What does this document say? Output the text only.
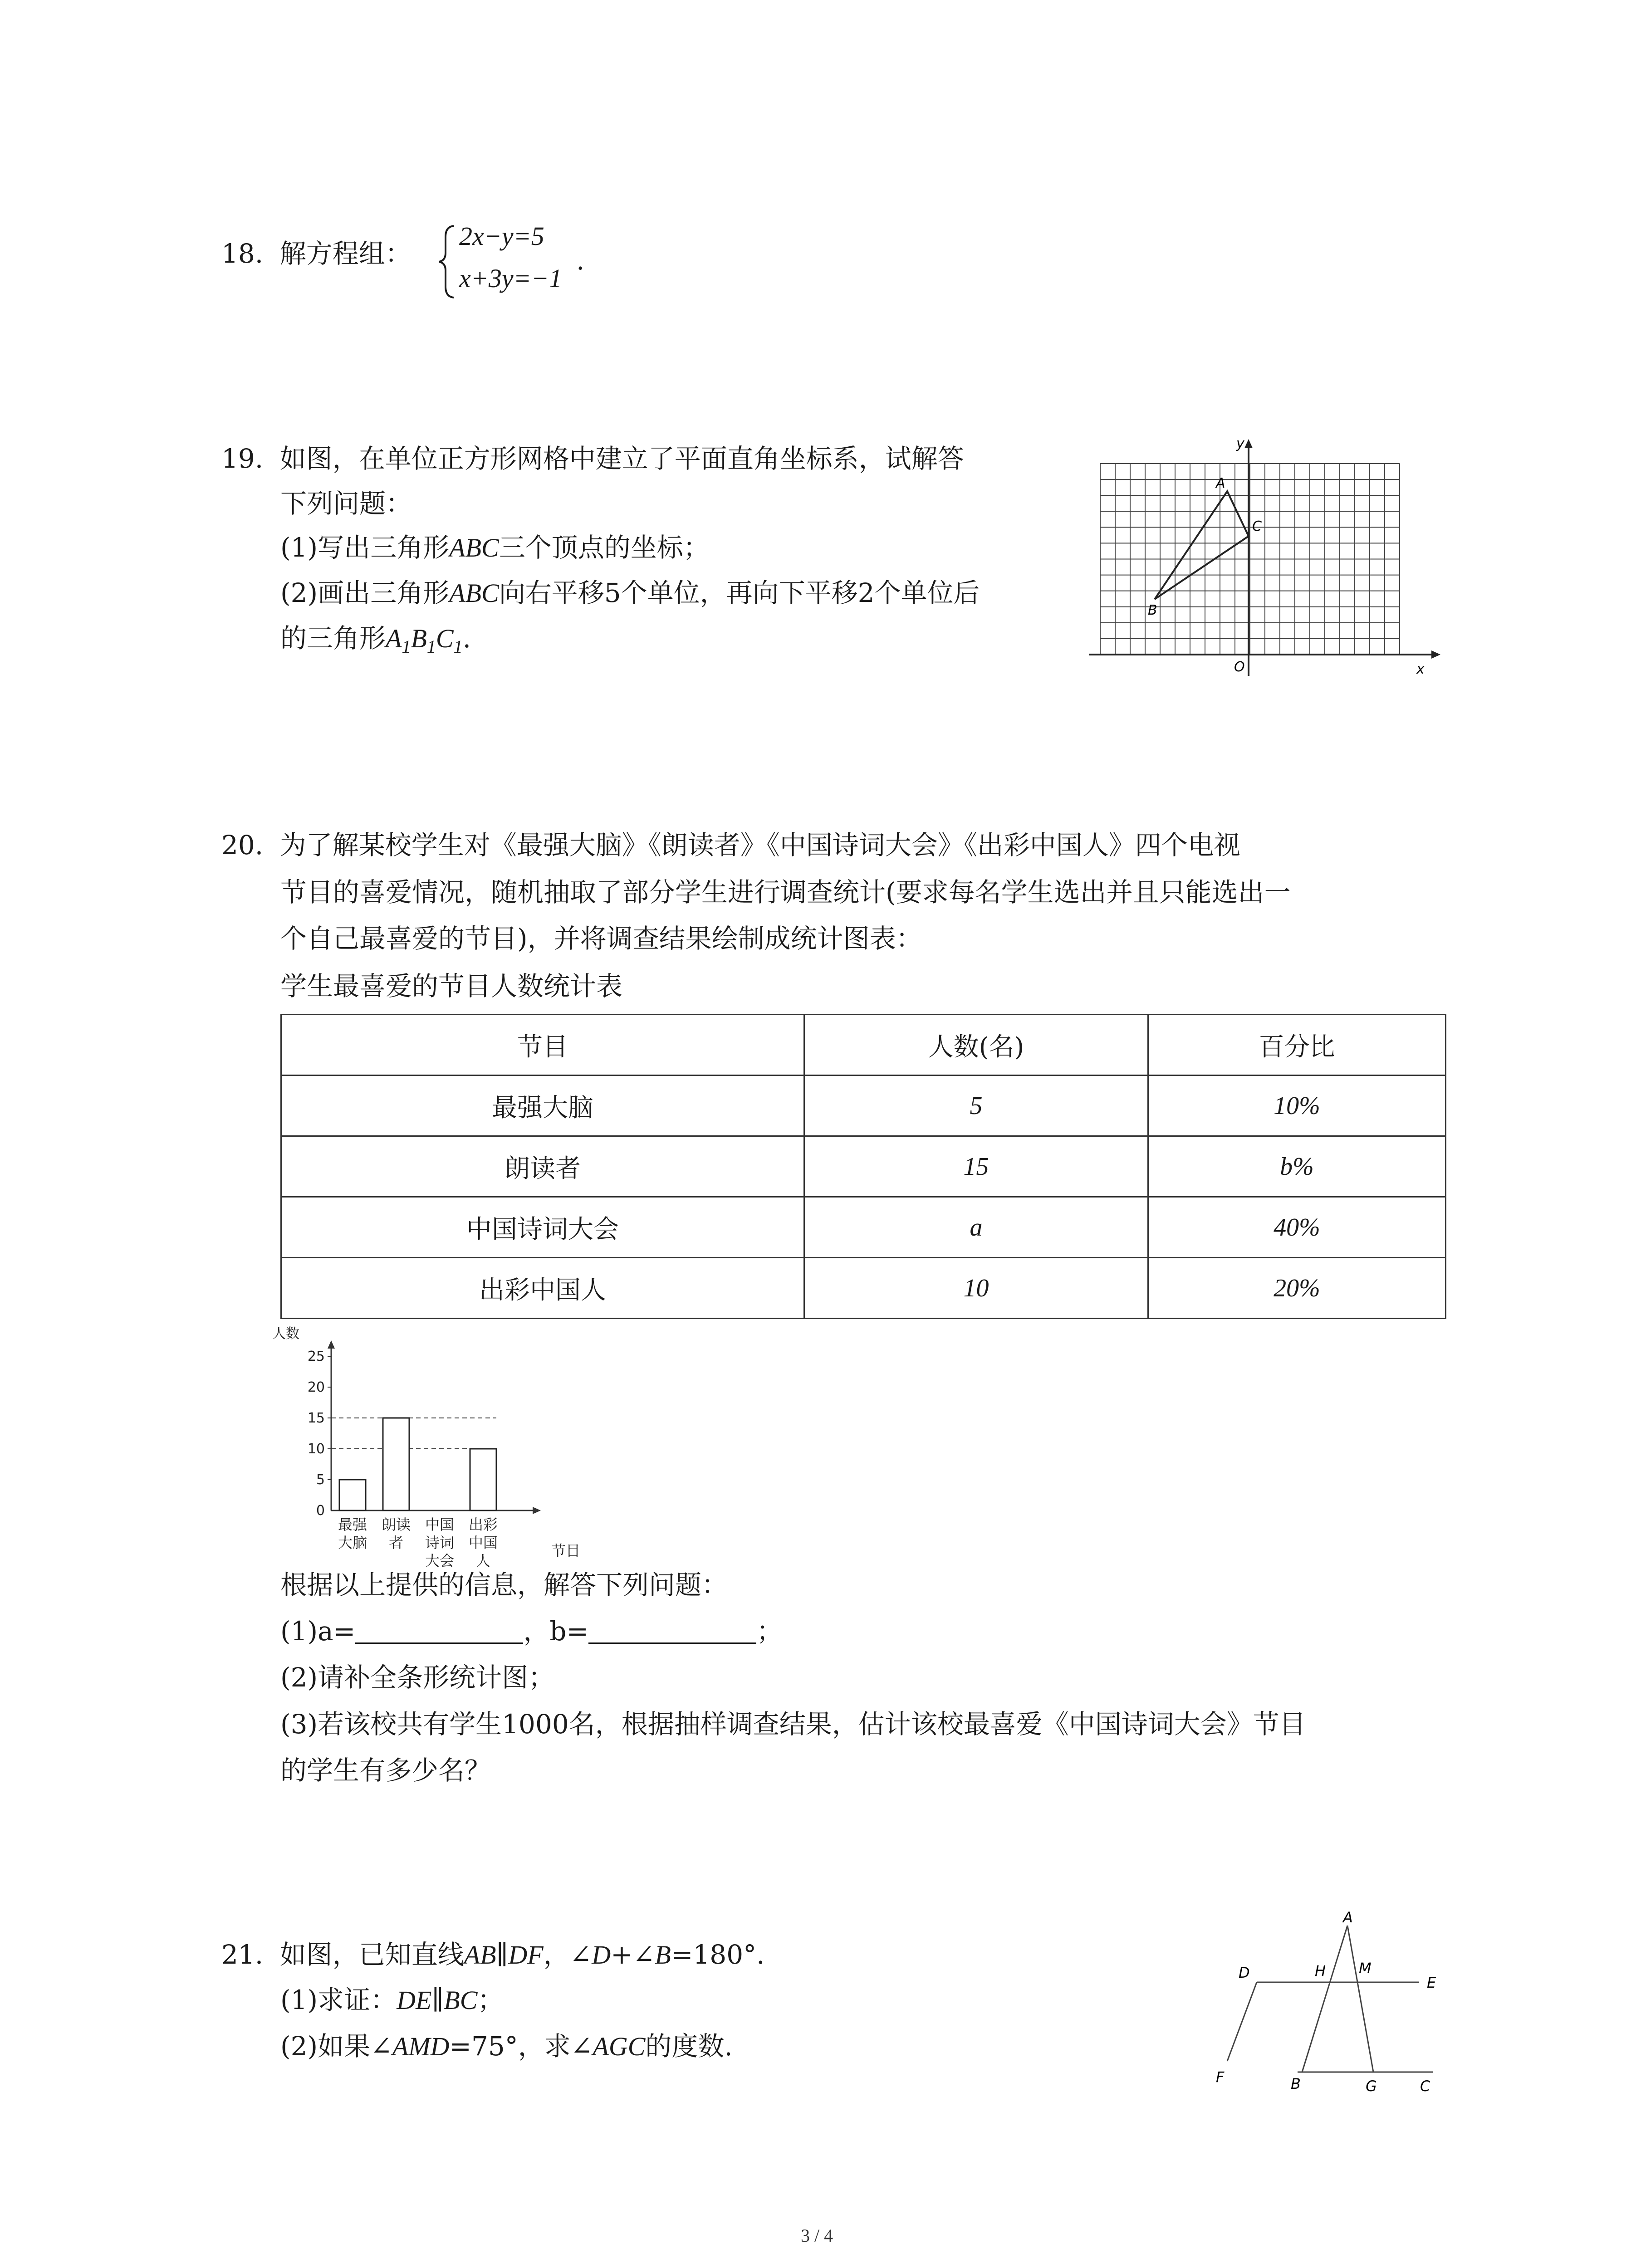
18. 解方程组：
2x−y=5
x+3y=−1
.
19. 如图，在单位正方形网格中建立了平面直角坐标系，试解答
下列问题：
(1)写出三角形ABC三个顶点的坐标；
(2)画出三角形ABC向右平移5个单位，再向下平移2个单位后
的三角形$A_1B_1C_1$.
y
x
O
A
B
C
20. 为了解某校学生对《最强大脑》《朗读者》《中国诗词大会》《出彩中国人》四个电视
节目的喜爱情况，随机抽取了部分学生进行调查统计(要求每名学生选出并且只能选出一
个自己最喜爱的节目)，并将调查结果绘制成统计图表：
学生最喜爱的节目人数统计表
节目	人数(名)	百分比
最强大脑	5	10%
朗读者	15	b%
中国诗词大会	a	40%
出彩中国人	10	20%
0
5
10
15
20
25
人数
节目
最强
大脑
朗读
者
中国
诗词
大会
出彩
中国
人
根据以上提供的信息，解答下列问题：
(1)a=	，b=	；
(2)请补全条形统计图；
(3)若该校共有学生1000名，根据抽样调查结果，估计该校最喜爱《中国诗词大会》节目
的学生有多少名？
21. 如图，已知直线AB∥DF，∠D+∠B=180°.
(1)求证：DE∥BC；
(2)如果∠AMD=75°，求∠AGC的度数.
A
D	H M
E
F	B	G	C
3 / 4
